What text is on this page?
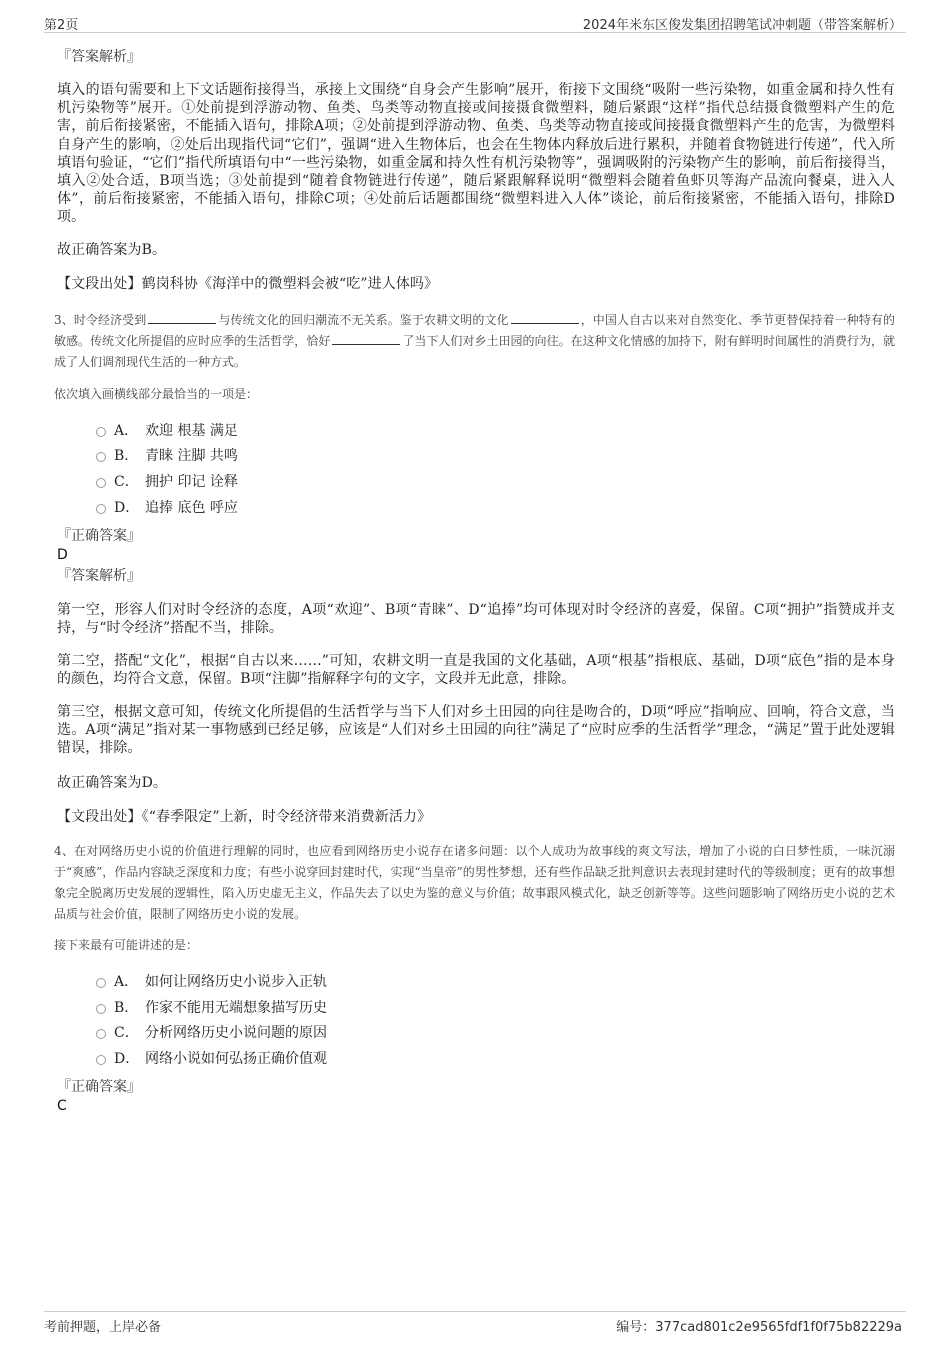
第2页	2024年米东区俊发集团招聘笔试冲刺题（带答案解析）
『答案解析』
填入的语句需要和上下文话题衔接得当，承接上文围绕“自身会产生影响”展开，衔接下文围绕“吸附一些污染物，如重金属和持久性有机污染物等”展开。①处前提到浮游动物、鱼类、鸟类等动物直接或间接摄食微塑料，随后紧跟“这样”指代总结摄食微塑料产生的危害，前后衔接紧密，不能插入语句，排除A项；②处前提到浮游动物、鱼类、鸟类等动物直接或间接摄食微塑料产生的危害，为微塑料自身产生的影响，②处后出现指代词“它们”，强调“进入生物体后，也会在生物体内释放后进行累积，并随着食物链进行传递”，代入所填语句验证，“它们”指代所填语句中“一些污染物，如重金属和持久性有机污染物等”，强调吸附的污染物产生的影响，前后衔接得当，填入②处合适，B项当选；③处前提到“随着食物链进行传递”，随后紧跟解释说明“微塑料会随着鱼虾贝等海产品流向餐桌，进入人体”，前后衔接紧密，不能插入语句，排除C项；④处前后话题都围绕“微塑料进入人体”谈论，前后衔接紧密，不能插入语句，排除D项。
故正确答案为B。
【文段出处】鹤岗科协《海洋中的微塑料会被“吃”进人体吗》
3、时令经济受到	与传统文化的回归潮流不无关系。鉴于农耕文明的文化	，中国人自古以来对自然变化、季节更替保持着一种特有的敏感。传统文化所提倡的应时应季的生活哲学，恰好	了当下人们对乡土田园的向往。在这种文化情感的加持下，附有鲜明时间属性的消费行为，就成了人们调剂现代生活的一种方式。
依次填入画横线部分最恰当的一项是：
A． 欢迎 根基 满足
B． 青睐 注脚 共鸣
C． 拥护 印记 诠释
D． 追捧 底色 呼应
『正确答案』
D
『答案解析』
第一空，形容人们对时令经济的态度，A项“欢迎”、B项“青睐”、D“追捧”均可体现对时令经济的喜爱，保留。C项“拥护”指赞成并支持，与“时令经济”搭配不当，排除。
第二空，搭配“文化”，根据“自古以来……”可知，农耕文明一直是我国的文化基础，A项“根基”指根底、基础，D项“底色”指的是本身的颜色，均符合文意，保留。B项“注脚”指解释字句的文字，文段并无此意，排除。
第三空，根据文意可知，传统文化所提倡的生活哲学与当下人们对乡土田园的向往是吻合的，D项“呼应”指响应、回响，符合文意，当选。A项“满足”指对某一事物感到已经足够，应该是“人们对乡土田园的向往”满足了“应时应季的生活哲学”理念，“满足”置于此处逻辑错误，排除。
故正确答案为D。
【文段出处】《“春季限定”上新，时令经济带来消费新活力》
4、在对网络历史小说的价值进行理解的同时，也应看到网络历史小说存在诸多问题：以个人成功为故事线的爽文写法，增加了小说的白日梦性质，一味沉溺于“爽感”，作品内容缺乏深度和力度；有些小说穿回封建时代，实现“当皇帝”的男性梦想，还有些作品缺乏批判意识去表现封建时代的等级制度；更有的故事想象完全脱离历史发展的逻辑性，陷入历史虚无主义，作品失去了以史为鉴的意义与价值；故事跟风模式化，缺乏创新等等。这些问题影响了网络历史小说的艺术品质与社会价值，限制了网络历史小说的发展。
接下来最有可能讲述的是：
A． 如何让网络历史小说步入正轨
B． 作家不能用无端想象描写历史
C． 分析网络历史小说问题的原因
D． 网络小说如何弘扬正确价值观
『正确答案』
C
考前押题，上岸必备	编号：377cad801c2e9565fdf1f0f75b82229a
